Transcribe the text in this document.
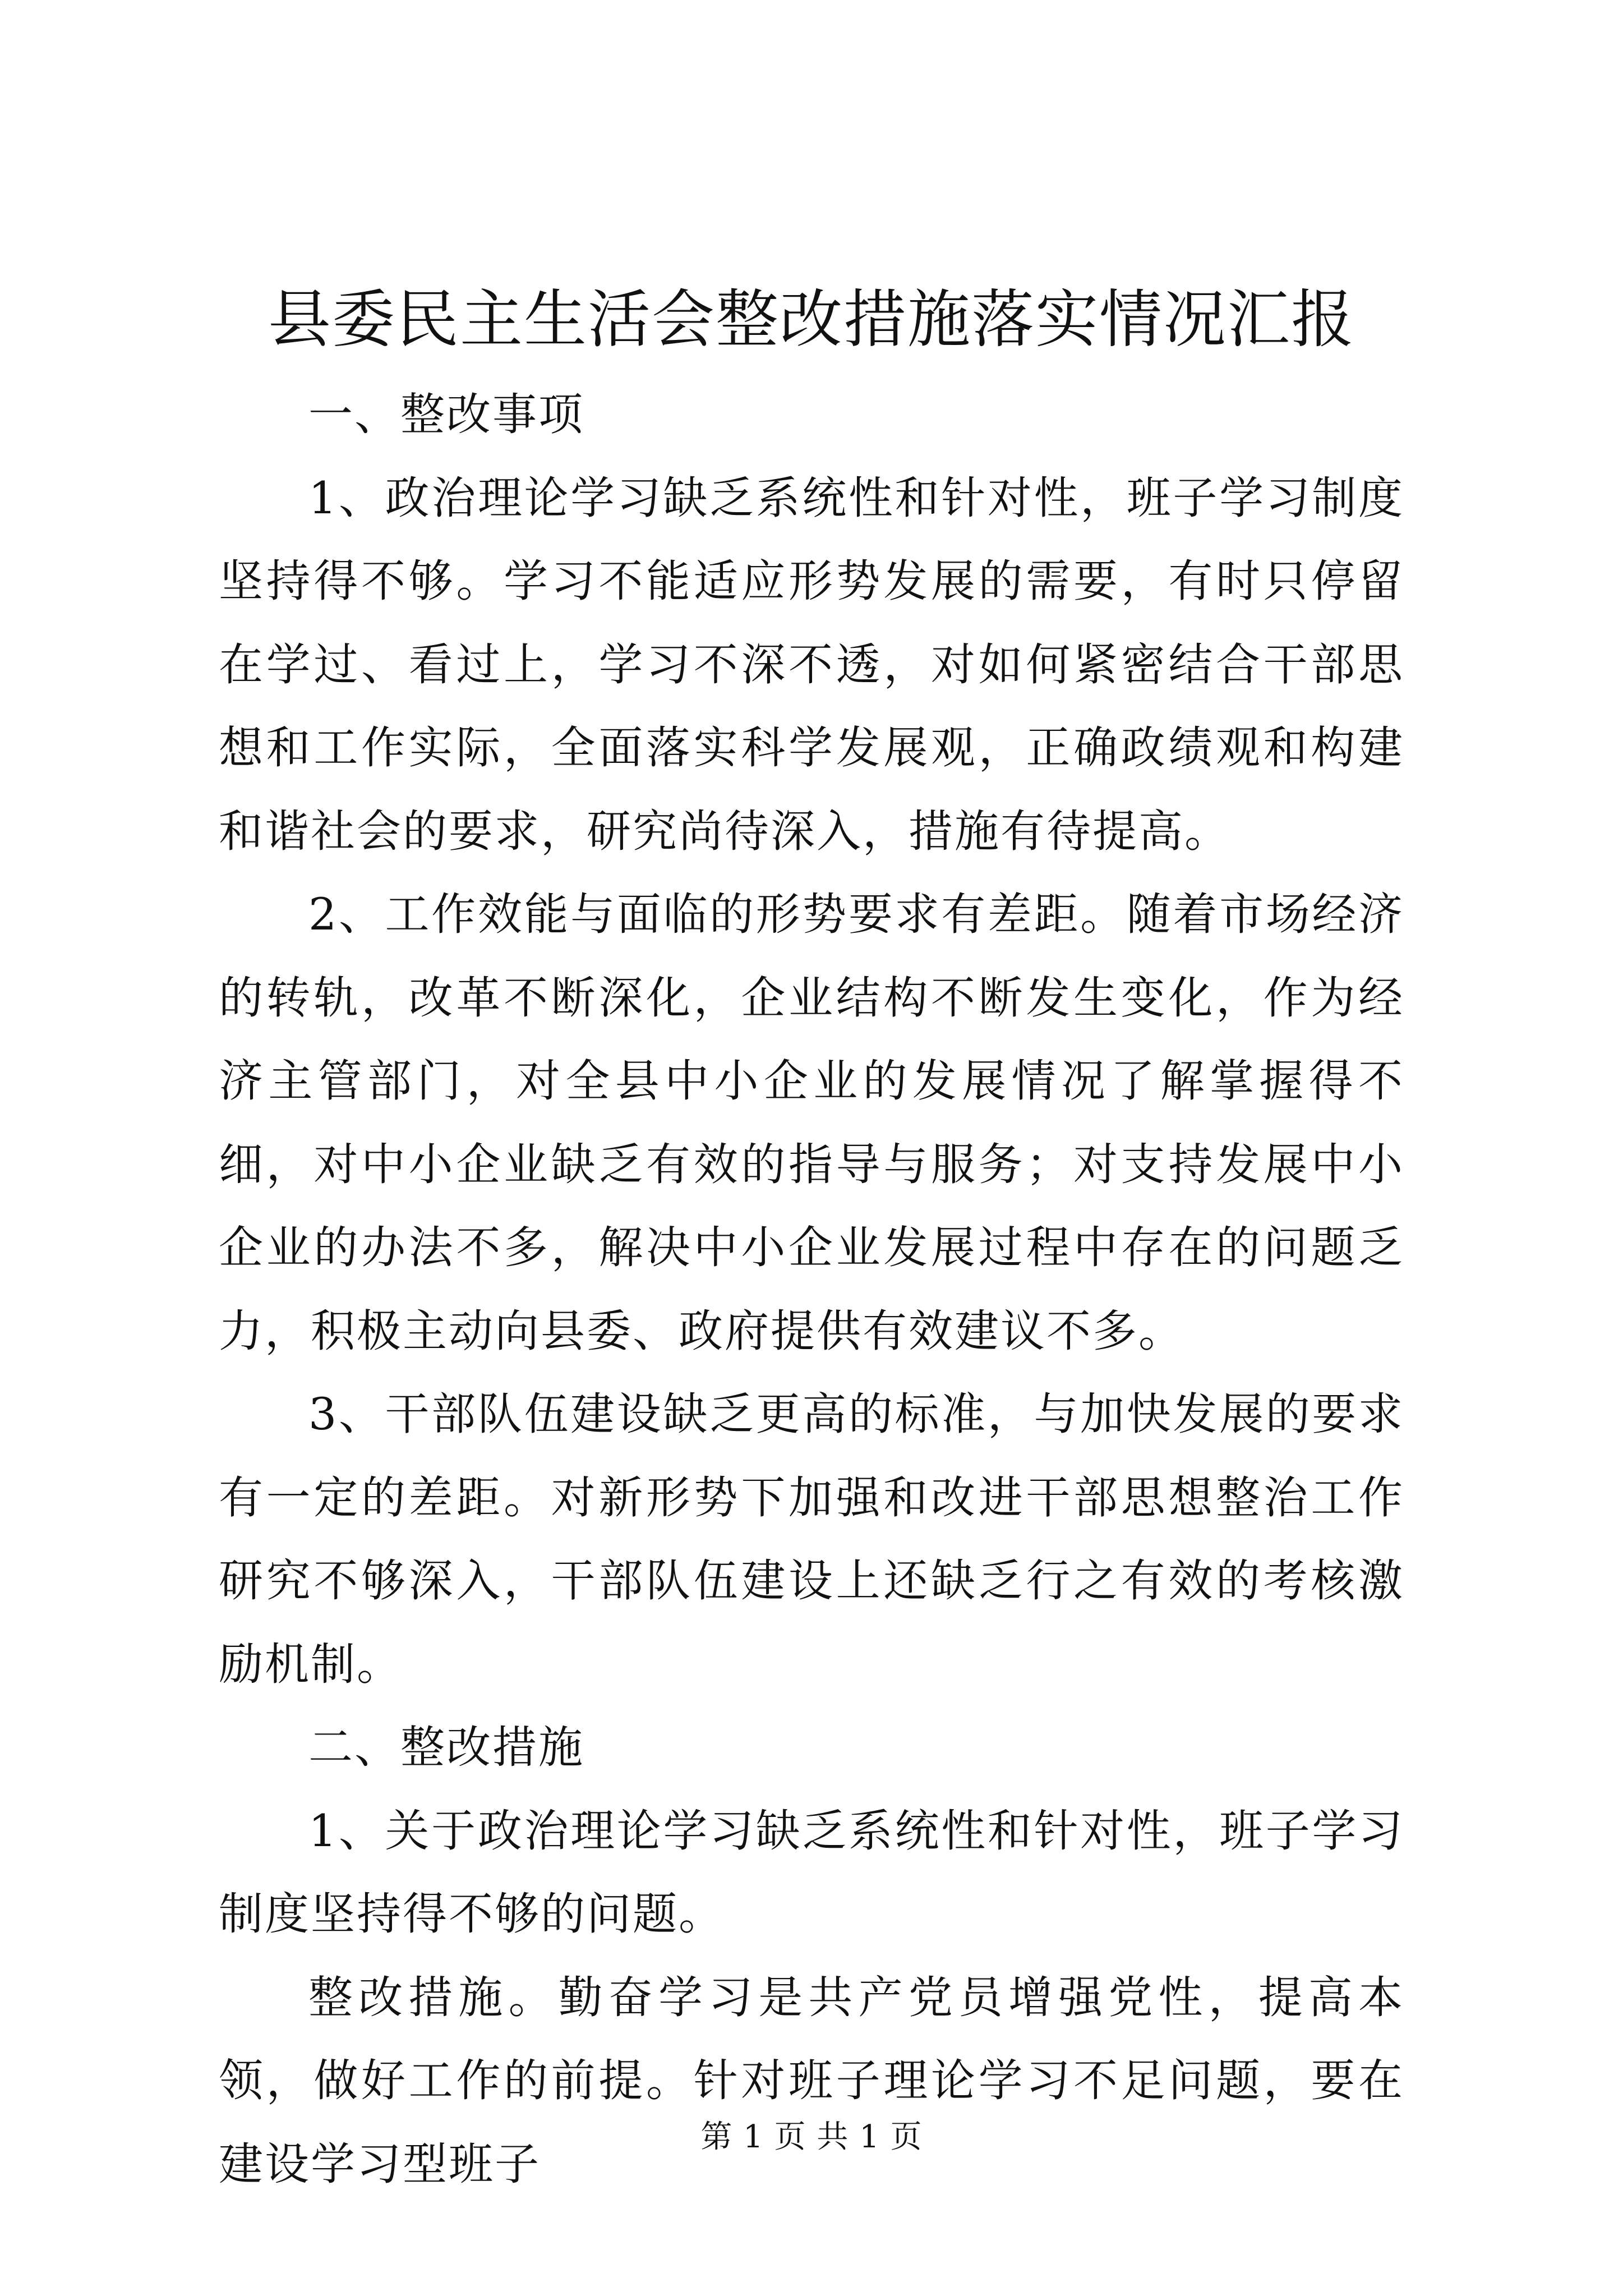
县委民主生活会整改措施落实情况汇报

一、整改事项

1、政治理论学习缺乏系统性和针对性，班子学习制度坚持得不够。学习不能适应形势发展的需要，有时只停留在学过、看过上，学习不深不透，对如何紧密结合干部思想和工作实际，全面落实科学发展观，正确政绩观和构建和谐社会的要求，研究尚待深入，措施有待提高。

2、工作效能与面临的形势要求有差距。随着市场经济的转轨，改革不断深化，企业结构不断发生变化，作为经济主管部门，对全县中小企业的发展情况了解掌握得不细，对中小企业缺乏有效的指导与服务；对支持发展中小企业的办法不多，解决中小企业发展过程中存在的问题乏力，积极主动向县委、政府提供有效建议不多。

3、干部队伍建设缺乏更高的标准，与加快发展的要求有一定的差距。对新形势下加强和改进干部思想整治工作研究不够深入，干部队伍建设上还缺乏行之有效的考核激励机制。

二、整改措施

1、关于政治理论学习缺乏系统性和针对性，班子学习制度坚持得不够的问题。

整改措施。勤奋学习是共产党员增强党性，提高本领，做好工作的前提。针对班子理论学习不足问题，要在建设学习型班子

第 1 页 共 1 页
